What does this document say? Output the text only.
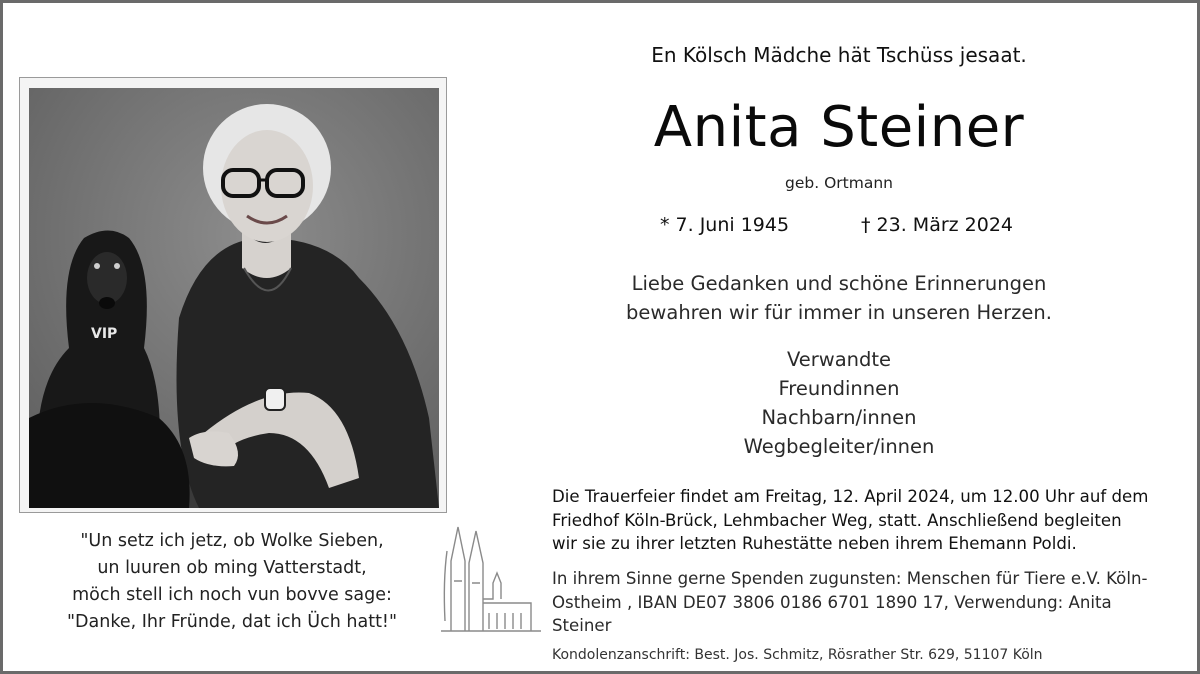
VIP
"Un setz ich jetz, ob Wolke Sieben,
un luuren ob ming Vatterstadt,
möch stell ich noch vun bovve sage:
"Danke, Ihr Fründe, dat ich Üch hatt!"
En Kölsch Mädche hät Tschüss jesaat.
Anita Steiner
geb. Ortmann
* 7. Juni 1945	† 23. März 2024
Liebe Gedanken und schöne Erinnerungen
bewahren wir für immer in unseren Herzen.
Verwandte
Freundinnen
Nachbarn/innen
Wegbegleiter/innen
Die Trauerfeier findet am Freitag, 12. April 2024, um 12.00 Uhr auf dem
Friedhof Köln-Brück, Lehmbacher Weg, statt. Anschließend begleiten
wir sie zu ihrer letzten Ruhestätte neben ihrem Ehemann Poldi.
In ihrem Sinne gerne Spenden zugunsten: Menschen für Tiere e.V. Köln-
Ostheim , IBAN DE07 3806 0186 6701 1890 17, Verwendung: Anita
Steiner
Kondolenzanschrift: Best. Jos. Schmitz, Rösrather Str. 629, 51107 Köln
